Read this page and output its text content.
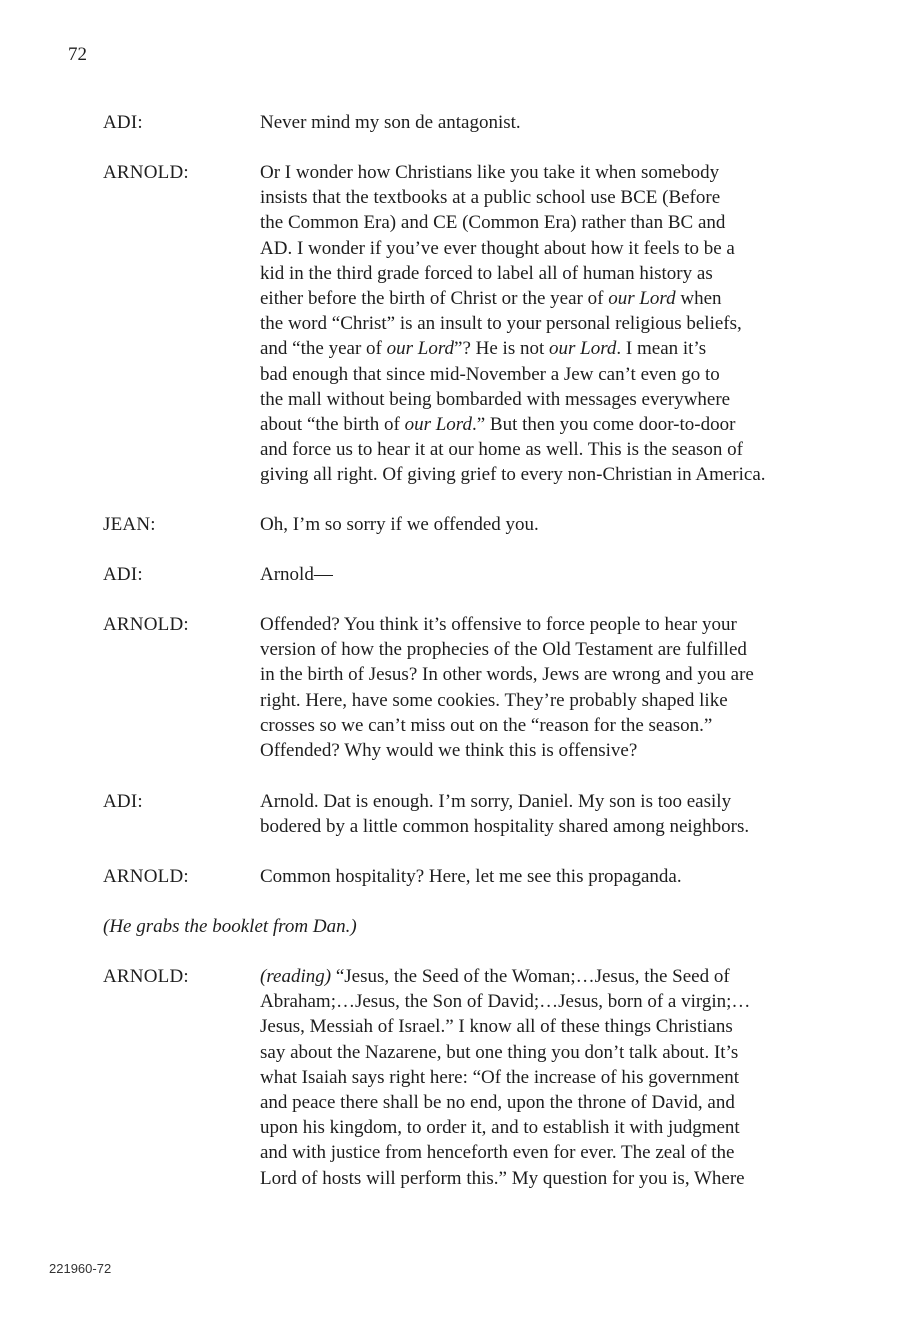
72
ADI:	Never mind my son de antagonist.
ARNOLD:	Or I wonder how Christians like you take it when somebody
insists that the textbooks at a public school use BCE (Before
the Common Era) and CE (Common Era) rather than BC and
AD. I wonder if you’ve ever thought about how it feels to be a
kid in the third grade forced to label all of human history as
either before the birth of Christ or the year of our Lord when
the word “Christ” is an insult to your personal religious beliefs,
and “the year of our Lord”? He is not our Lord. I mean it’s
bad enough that since mid-November a Jew can’t even go to
the mall without being bombarded with messages everywhere
about “the birth of our Lord.” But then you come door-to-door
and force us to hear it at our home as well. This is the season of
giving all right. Of giving grief to every non-Christian in America.
JEAN:	Oh, I’m so sorry if we offended you.
ADI:	Arnold—
ARNOLD:	Offended? You think it’s offensive to force people to hear your
version of how the prophecies of the Old Testament are fulfilled
in the birth of Jesus? In other words, Jews are wrong and you are
right. Here, have some cookies. They’re probably shaped like
crosses so we can’t miss out on the “reason for the season.”
Offended? Why would we think this is offensive?
ADI:	Arnold. Dat is enough. I’m sorry, Daniel. My son is too easily
bodered by a little common hospitality shared among neighbors.
ARNOLD:	Common hospitality? Here, let me see this propaganda.
(He grabs the booklet from Dan.)
ARNOLD:	(reading) “Jesus, the Seed of the Woman;…Jesus, the Seed of
Abraham;…Jesus, the Son of David;…Jesus, born of a virgin;…
Jesus, Messiah of Israel.” I know all of these things Christians
say about the Nazarene, but one thing you don’t talk about. It’s
what Isaiah says right here: “Of the increase of his government
and peace there shall be no end, upon the throne of David, and
upon his kingdom, to order it, and to establish it with judgment
and with justice from henceforth even for ever. The zeal of the
Lord of hosts will perform this.” My question for you is, Where
221960-72
